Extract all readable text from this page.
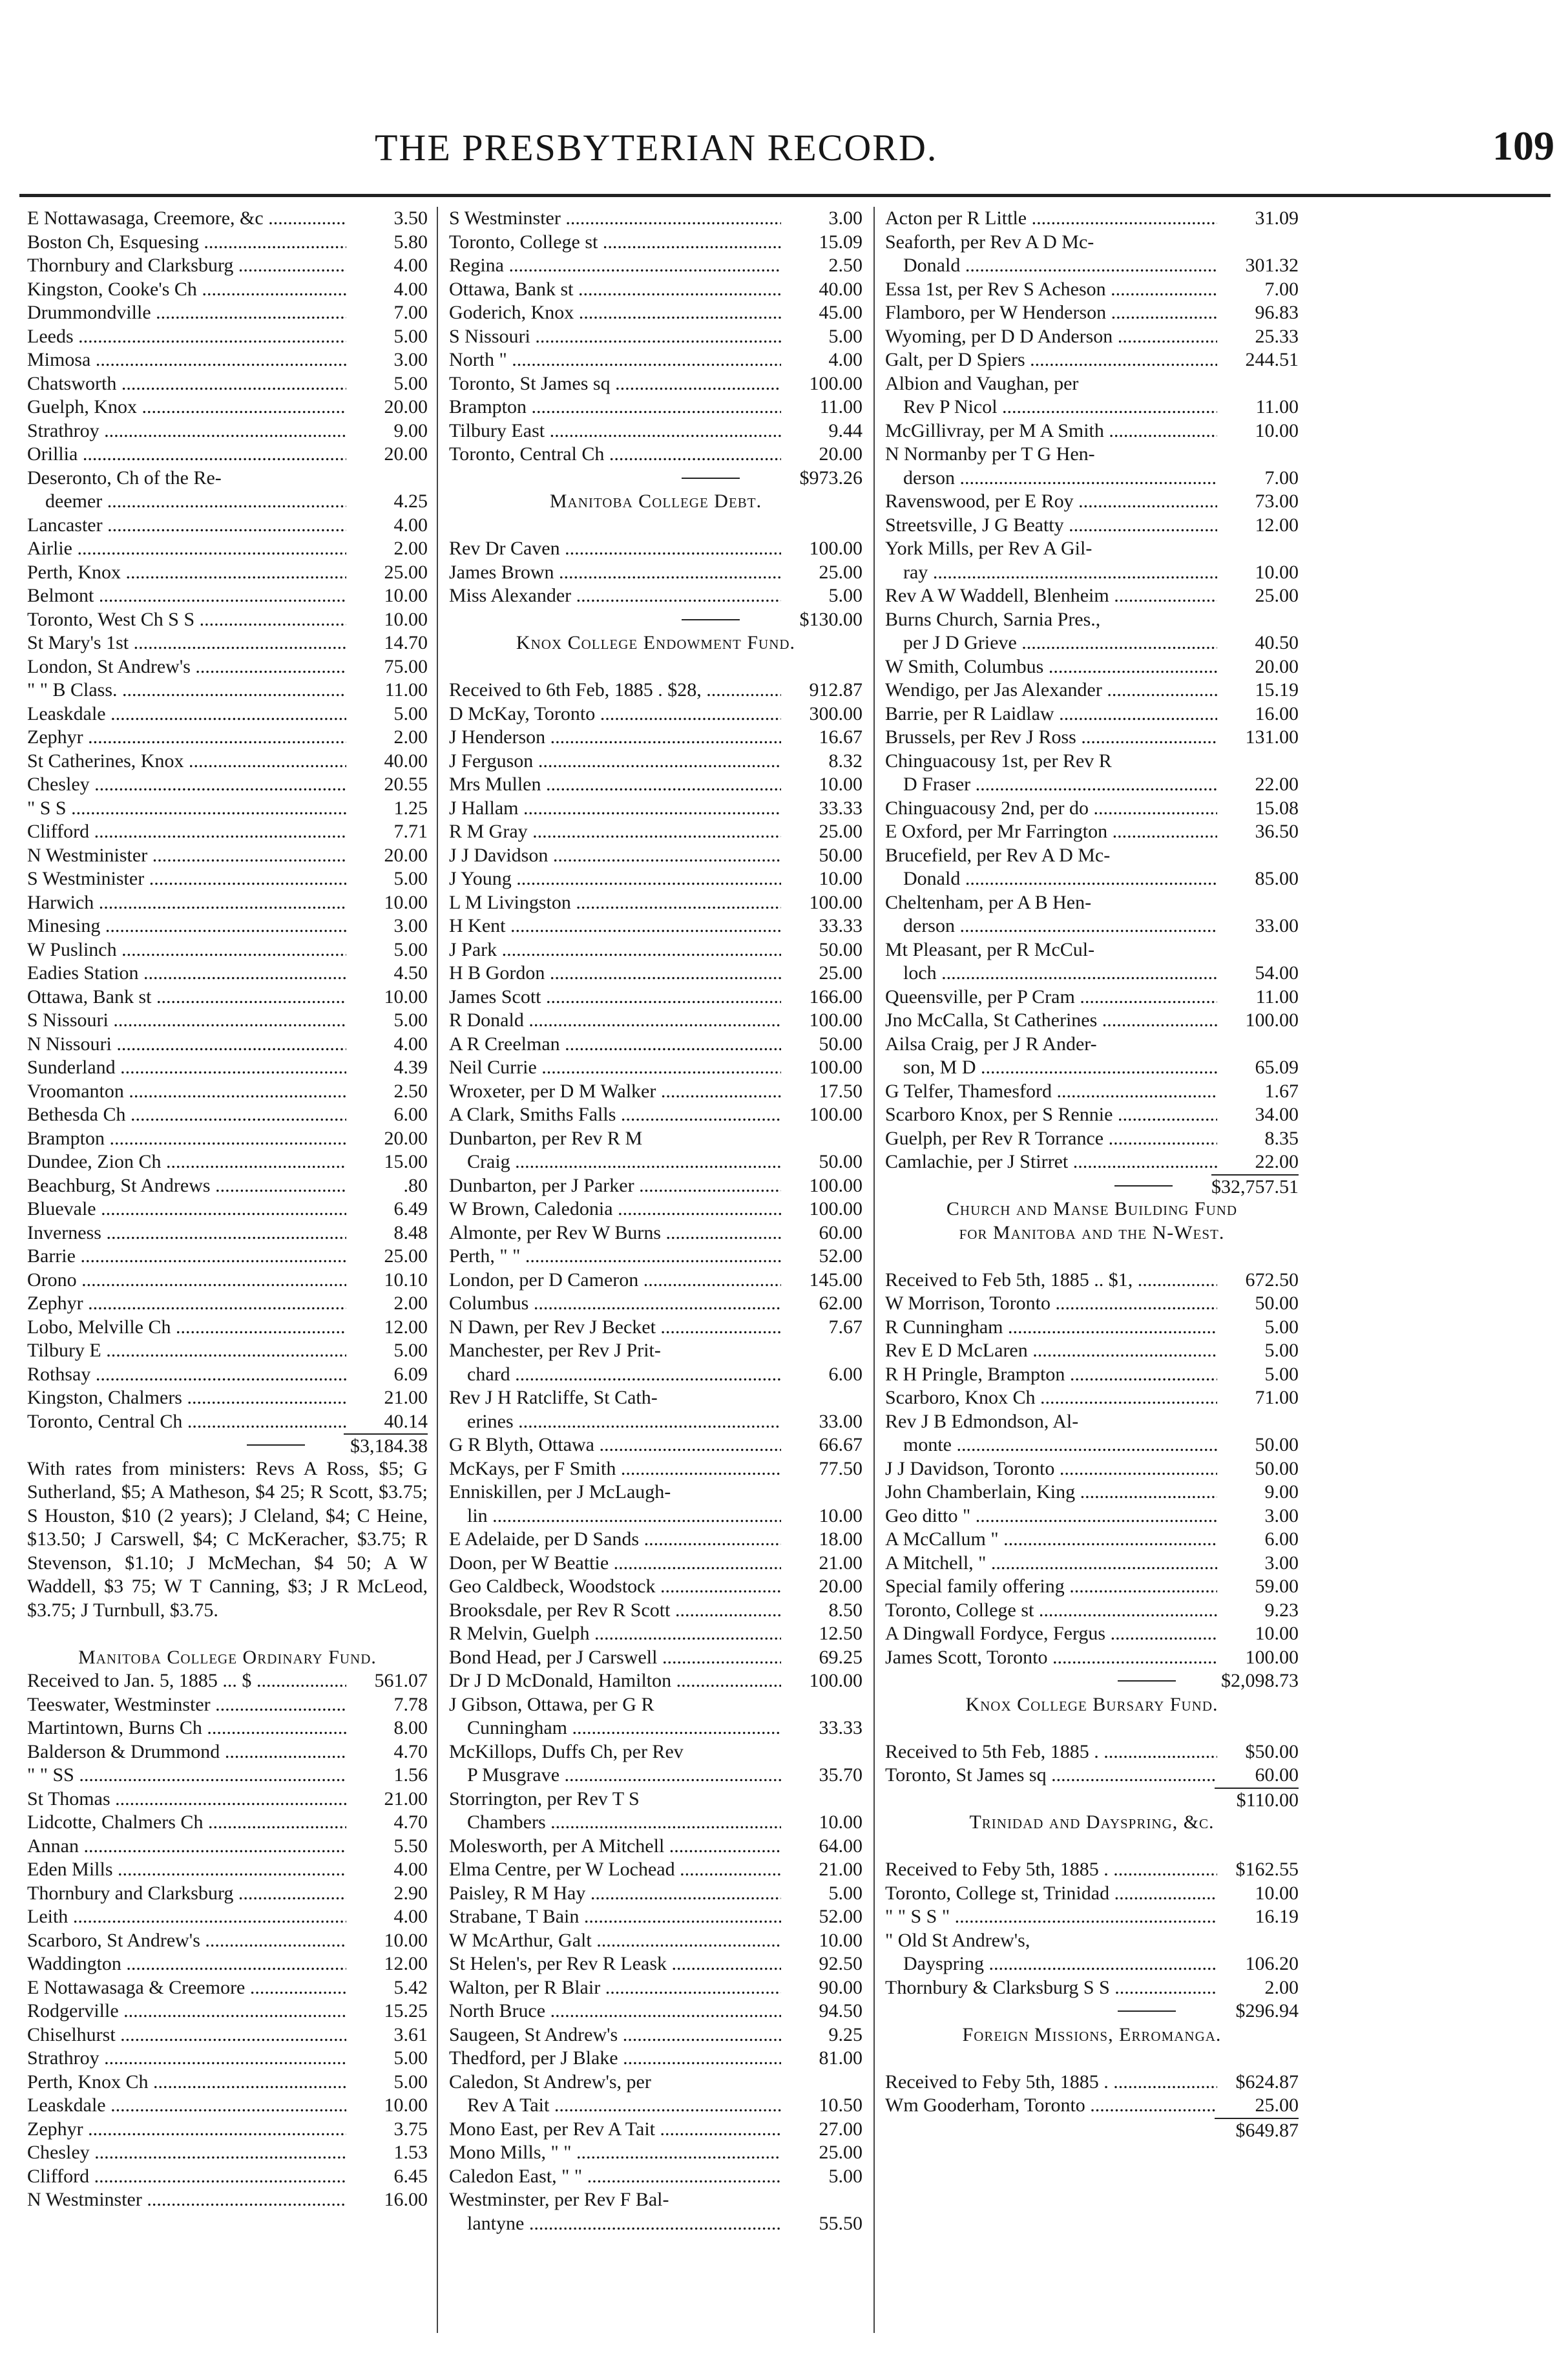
THE PRESBYTERIAN RECORD.	109
E Nottawasaga, Creemore, &c .....	3.50
Boston Ch, Esquesing .....	5.80
Thornbury and Clarksburg .....	4.00
Kingston, Cooke's Ch .....	4.00
Drummondville .....	7.00
Leeds .....	5.00
Mimosa .....	3.00
Chatsworth .....	5.00
Guelph, Knox .....	20.00
Strathroy .....	9.00
Orillia .....	20.00
Deseronto, Ch of the Re-
deemer .....	4.25
Lancaster .....	4.00
Airlie .....	2.00
Perth, Knox .....	25.00
Belmont .....	10.00
Toronto, West Ch S S .....	10.00
St Mary's 1st .....	14.70
London, St Andrew's .....	75.00
" " B Class. .....	11.00
Leaskdale .....	5.00
Zephyr .....	2.00
St Catherines, Knox .....	40.00
Chesley .....	20.55
" S S .....	1.25
Clifford .....	7.71
N Westminister .....	20.00
S Westminister .....	5.00
Harwich .....	10.00
Minesing .....	3.00
W Puslinch .....	5.00
Eadies Station .....	4.50
Ottawa, Bank st .....	10.00
S Nissouri .....	5.00
N Nissouri .....	4.00
Sunderland .....	4.39
Vroomanton .....	2.50
Bethesda Ch .....	6.00
Brampton .....	20.00
Dundee, Zion Ch .....	15.00
Beachburg, St Andrews .....	.80
Bluevale .....	6.49
Inverness .....	8.48
Barrie .....	25.00
Orono .....	10.10
Zephyr .....	2.00
Lobo, Melville Ch .....	12.00
Tilbury E .....	5.00
Rothsay .....	6.09
Kingston, Chalmers .....	21.00
Toronto, Central Ch .....	40.14
$3,184.38
With rates from ministers: Revs A Ross, $5; G Sutherland, $5; A Matheson, $4 25; R Scott, $3.75; S Houston, $10 (2 years); J Cleland, $4; C Heine, $13.50; J Carswell, $4; C McKeracher, $3.75; R Stevenson, $1.10; J McMechan, $4 50; A W Waddell, $3 75; W T Canning, $3; J R McLeod, $3.75; J Turnbull, $3.75.
Manitoba College Ordinary Fund.
Received to Jan. 5, 1885 ... $ .....	561.07
Teeswater, Westminster .....	7.78
Martintown, Burns Ch .....	8.00
Balderson & Drummond .....	4.70
" " SS .....	1.56
St Thomas .....	21.00
Lidcotte, Chalmers Ch .....	4.70
Annan .....	5.50
Eden Mills .....	4.00
Thornbury and Clarksburg .....	2.90
Leith .....	4.00
Scarboro, St Andrew's .....	10.00
Waddington .....	12.00
E Nottawasaga & Creemore .....	5.42
Rodgerville .....	15.25
Chiselhurst .....	3.61
Strathroy .....	5.00
Perth, Knox Ch .....	5.00
Leaskdale .....	10.00
Zephyr .....	3.75
Chesley .....	1.53
Clifford .....	6.45
N Westminster .....	16.00
S Westminster .....	3.00
Toronto, College st .....	15.09
Regina .....	2.50
Ottawa, Bank st .....	40.00
Goderich, Knox .....	45.00
S Nissouri .....	5.00
North " .....	4.00
Toronto, St James sq .....	100.00
Brampton .....	11.00
Tilbury East .....	9.44
Toronto, Central Ch .....	20.00
$973.26
Manitoba College Debt.
Rev Dr Caven .....	100.00
James Brown .....	25.00
Miss Alexander .....	5.00
$130.00
Knox College Endowment Fund.
Received to 6th Feb, 1885 . $28, .....	912.87
D McKay, Toronto .....	300.00
J Henderson .....	16.67
J Ferguson .....	8.32
Mrs Mullen .....	10.00
J Hallam .....	33.33
R M Gray .....	25.00
J J Davidson .....	50.00
J Young .....	10.00
L M Livingston .....	100.00
H Kent .....	33.33
J Park .....	50.00
H B Gordon .....	25.00
James Scott .....	166.00
R Donald .....	100.00
A R Creelman .....	50.00
Neil Currie .....	100.00
Wroxeter, per D M Walker .....	17.50
A Clark, Smiths Falls .....	100.00
Dunbarton, per Rev R M
Craig .....	50.00
Dunbarton, per J Parker .....	100.00
W Brown, Caledonia .....	100.00
Almonte, per Rev W Burns .....	60.00
Perth, " " .....	52.00
London, per D Cameron .....	145.00
Columbus .....	62.00
N Dawn, per Rev J Becket .....	7.67
Manchester, per Rev J Prit-
chard .....	6.00
Rev J H Ratcliffe, St Cath-
erines .....	33.00
G R Blyth, Ottawa .....	66.67
McKays, per F Smith .....	77.50
Enniskillen, per J McLaugh-
lin .....	10.00
E Adelaide, per D Sands .....	18.00
Doon, per W Beattie .....	21.00
Geo Caldbeck, Woodstock .....	20.00
Brooksdale, per Rev R Scott .....	8.50
R Melvin, Guelph .....	12.50
Bond Head, per J Carswell .....	69.25
Dr J D McDonald, Hamilton .....	100.00
J Gibson, Ottawa, per G R
Cunningham .....	33.33
McKillops, Duffs Ch, per Rev
P Musgrave .....	35.70
Storrington, per Rev T S
Chambers .....	10.00
Molesworth, per A Mitchell .....	64.00
Elma Centre, per W Lochead .....	21.00
Paisley, R M Hay .....	5.00
Strabane, T Bain .....	52.00
W McArthur, Galt .....	10.00
St Helen's, per Rev R Leask .....	92.50
Walton, per R Blair .....	90.00
North Bruce .....	94.50
Saugeen, St Andrew's .....	9.25
Thedford, per J Blake .....	81.00
Caledon, St Andrew's, per
Rev A Tait .....	10.50
Mono East, per Rev A Tait .....	27.00
Mono Mills, " " .....	25.00
Caledon East, " " .....	5.00
Westminster, per Rev F Bal-
lantyne .....	55.50
Acton per R Little .....	31.09
Seaforth, per Rev A D Mc-
Donald .....	301.32
Essa 1st, per Rev S Acheson .....	7.00
Flamboro, per W Henderson .....	96.83
Wyoming, per D D Anderson .....	25.33
Galt, per D Spiers .....	244.51
Albion and Vaughan, per
Rev P Nicol .....	11.00
McGillivray, per M A Smith .....	10.00
N Normanby per T G Hen-
derson .....	7.00
Ravenswood, per E Roy .....	73.00
Streetsville, J G Beatty .....	12.00
York Mills, per Rev A Gil-
ray .....	10.00
Rev A W Waddell, Blenheim .....	25.00
Burns Church, Sarnia Pres.,
per J D Grieve .....	40.50
W Smith, Columbus .....	20.00
Wendigo, per Jas Alexander .....	15.19
Barrie, per R Laidlaw .....	16.00
Brussels, per Rev J Ross .....	131.00
Chinguacousy 1st, per Rev R
D Fraser .....	22.00
Chinguacousy 2nd, per do .....	15.08
E Oxford, per Mr Farrington .....	36.50
Brucefield, per Rev A D Mc-
Donald .....	85.00
Cheltenham, per A B Hen-
derson .....	33.00
Mt Pleasant, per R McCul-
loch .....	54.00
Queensville, per P Cram .....	11.00
Jno McCalla, St Catherines .....	100.00
Ailsa Craig, per J R Ander-
son, M D .....	65.09
G Telfer, Thamesford .....	1.67
Scarboro Knox, per S Rennie .....	34.00
Guelph, per Rev R Torrance .....	8.35
Camlachie, per J Stirret .....	22.00
$32,757.51
Church and Manse Building Fund
for Manitoba and the N-West.
Received to Feb 5th, 1885 .. $1, .....	672.50
W Morrison, Toronto .....	50.00
R Cunningham .....	5.00
Rev E D McLaren .....	5.00
R H Pringle, Brampton .....	5.00
Scarboro, Knox Ch .....	71.00
Rev J B Edmondson, Al-
monte .....	50.00
J J Davidson, Toronto .....	50.00
John Chamberlain, King .....	9.00
Geo ditto " .....	3.00
A McCallum " .....	6.00
A Mitchell, " .....	3.00
Special family offering .....	59.00
Toronto, College st .....	9.23
A Dingwall Fordyce, Fergus .....	10.00
James Scott, Toronto .....	100.00
$2,098.73
Knox College Bursary Fund.
Received to 5th Feb, 1885 . .....	$50.00
Toronto, St James sq .....	60.00
$110.00
Trinidad and Dayspring, &c.
Received to Feby 5th, 1885 . .....	$162.55
Toronto, College st, Trinidad .....	10.00
" " S S " .....	16.19
" Old St Andrew's,
Dayspring .....	106.20
Thornbury & Clarksburg S S .....	2.00
$296.94
Foreign Missions, Erromanga.
Received to Feby 5th, 1885 . .....	$624.87
Wm Gooderham, Toronto .....	25.00
$649.87
